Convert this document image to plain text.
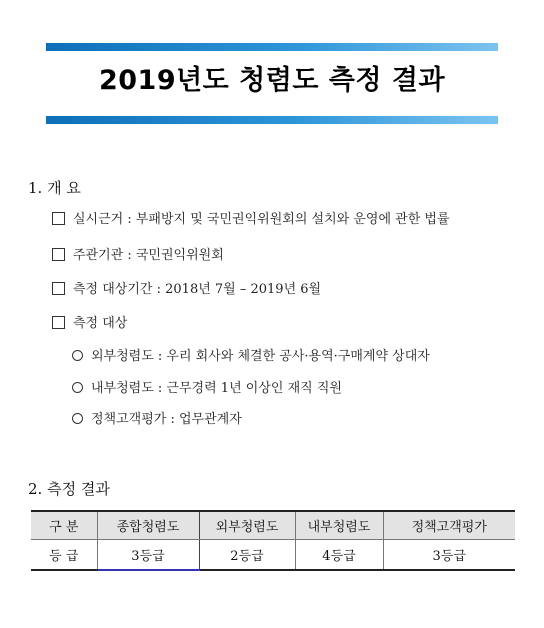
2019년도 청렴도 측정 결과
1. 개 요
실시근거 : 부패방지 및 국민권익위원회의 설치와 운영에 관한 법률
주관기관 : 국민권익위원회
측정 대상기간 : 2018년 7월 – 2019년 6월
측정 대상
외부청렴도 : 우리 회사와 체결한 공사·용역·구매계약 상대자
내부청렴도 : 근무경력 1년 이상인 재직 직원
정책고객평가 : 업무관계자
2. 측정 결과
구 분	종합청렴도	외부청렴도	내부청렴도	정책고객평가
등 급	3등급	2등급	4등급	3등급
